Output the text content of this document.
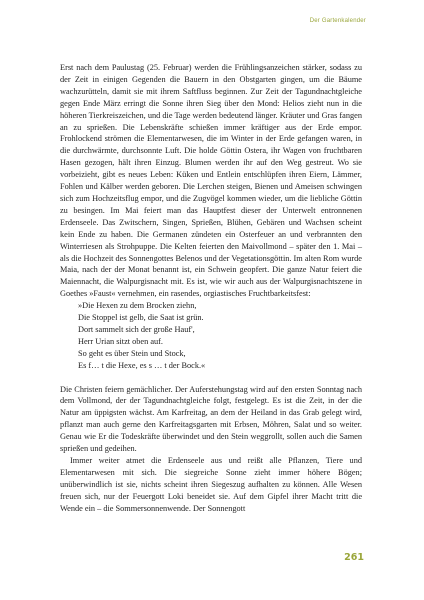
Der Gartenkalender

Erst nach dem Paulustag (25. Februar) werden die Frühlingsanzeichen stärker, sodass zu der Zeit in einigen Gegenden die Bauern in den Obstgarten gingen, um die Bäume wachzurütteln, damit sie mit ihrem Saftfluss beginnen. Zur Zeit der Tagundnachtgleiche gegen Ende März erringt die Sonne ihren Sieg über den Mond: Helios zieht nun in die höheren Tierkreiszeichen, und die Tage werden bedeutend länger. Kräuter und Gras fangen an zu sprießen. Die Lebenskräfte schießen immer kräftiger aus der Erde empor. Frohlockend strömen die Elementarwesen, die im Winter in der Erde gefangen waren, in die durchwärmte, durchsonnte Luft. Die holde Göttin Ostera, ihr Wagen von fruchtbaren Hasen gezogen, hält ihren Einzug. Blumen werden ihr auf den Weg gestreut. Wo sie vorbeizieht, gibt es neues Leben: Küken und Entlein entschlüpfen ihren Eiern, Lämmer, Fohlen und Kälber werden geboren. Die Lerchen steigen, Bienen und Ameisen schwingen sich zum Hochzeitsflug empor, und die Zugvögel kommen wieder, um die liebliche Göttin zu besingen. Im Mai feiert man das Hauptfest dieser der Unterwelt entronnenen Erdenseele. Das Zwitschern, Singen, Sprießen, Blühen, Gebären und Wachsen scheint kein Ende zu haben. Die Germanen zündeten ein Osterfeuer an und verbrannten den Winterriesen als Strohpuppe. Die Kelten feierten den Maivollmond – später den 1. Mai – als die Hochzeit des Sonnengottes Belenos und der Vegetationsgöttin. Im alten Rom wurde Maia, nach der der Monat benannt ist, ein Schwein geopfert. Die ganze Natur feiert die Maiennacht, die Walpurgisnacht mit. Es ist, wie wir auch aus der Walpurgisnachtszene in Goethes »Faust« vernehmen, ein rasendes, orgiastisches Fruchtbarkeitsfest:

»Die Hexen zu dem Brocken ziehn,
Die Stoppel ist gelb, die Saat ist grün.
Dort sammelt sich der große Hauf',
Herr Urian sitzt oben auf.
So geht es über Stein und Stock,
Es f… t die Hexe, es s … t der Bock.«

Die Christen feiern gemächlicher. Der Auferstehungstag wird auf den ersten Sonntag nach dem Vollmond, der der Tagundnachtgleiche folgt, festgelegt. Es ist die Zeit, in der die Natur am üppigsten wächst. Am Karfreitag, an dem der Heiland in das Grab gelegt wird, pflanzt man auch gerne den Karfreitagsgarten mit Erbsen, Möhren, Salat und so weiter. Genau wie Er die Todeskräfte überwindet und den Stein weggrollt, sollen auch die Samen sprießen und gedeihen.

Immer weiter atmet die Erdenseele aus und reißt alle Pflanzen, Tiere und Elementarwesen mit sich. Die siegreiche Sonne zieht immer höhere Bögen; unüberwindlich ist sie, nichts scheint ihren Siegeszug aufhalten zu können. Alle Wesen freuen sich, nur der Feuergott Loki beneidet sie. Auf dem Gipfel ihrer Macht tritt die Wende ein – die Sommersonnenwende. Der Sonnengott

261
